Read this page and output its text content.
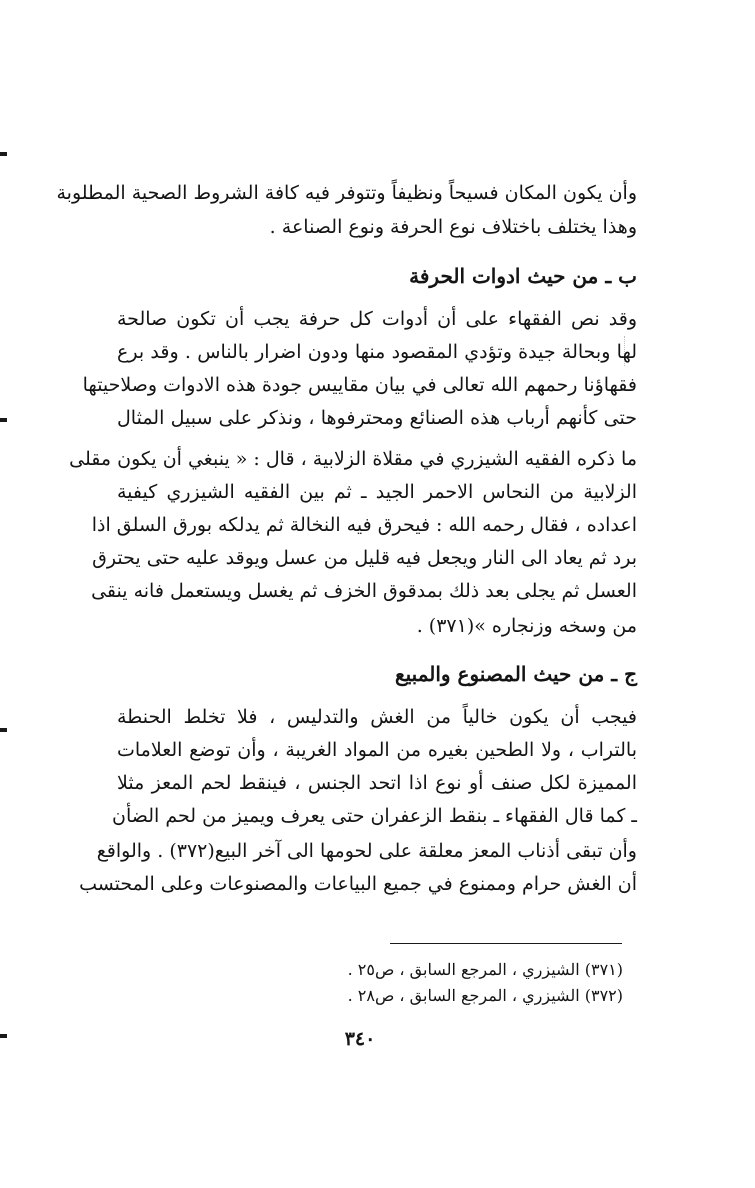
وأن يكون المكان فسيحاً ونظيفاً وتتوفر فيه كافة الشروط الصحية المطلوبة
وهذا يختلف باختلاف نوع الحرفة ونوع الصناعة .
ب ـ من حيث ادوات الحرفة
وقد نص الفقهاء على أن أدوات كل حرفة يجب أن تكون صالحة
لها وبحالة جيدة وتؤدي المقصود منها ودون اضرار بالناس . وقد برع
فقهاؤنا رحمهم الله تعالى في بيان مقاييس جودة هذه الادوات وصلاحيتها
حتى كأنهم أرباب هذه الصنائع ومحترفوها ، ونذكر على سبيل المثال
ما ذكره الفقيه الشيزري في مقلاة الزلابية ، قال : « ينبغي أن يكون مقلى
الزلابية من النحاس الاحمر الجيد ـ ثم بين الفقيه الشيزري كيفية
اعداده ، فقال رحمه الله : فيحرق فيه النخالة ثم يدلكه بورق السلق اذا
برد ثم يعاد الى النار ويجعل فيه قليل من عسل ويوقد عليه حتى يحترق
العسل ثم يجلى بعد ذلك بمدقوق الخزف ثم يغسل ويستعمل فانه ينقى
من وسخه وزنجاره »(٣٧١) .
ج ـ من حيث المصنوع والمبيع
فيجب أن يكون خالياً من الغش والتدليس ، فلا تخلط الحنطة
بالتراب ، ولا الطحين بغيره من المواد الغريبة ، وأن توضع العلامات
المميزة لكل صنف أو نوع اذا اتحد الجنس ، فينقط لحم المعز مثلا
ـ كما قال الفقهاء ـ بنقط الزعفران حتى يعرف ويميز من لحم الضأن
وأن تبقى أذناب المعز معلقة على لحومها الى آخر البيع(٣٧٢) . والواقع
أن الغش حرام وممنوع في جميع البياعات والمصنوعات وعلى المحتسب
(٣٧١) الشيزري ، المرجع السابق ، ص٢٥ .
(٣٧٢) الشيزري ، المرجع السابق ، ص٢٨ .
٣٤٠
